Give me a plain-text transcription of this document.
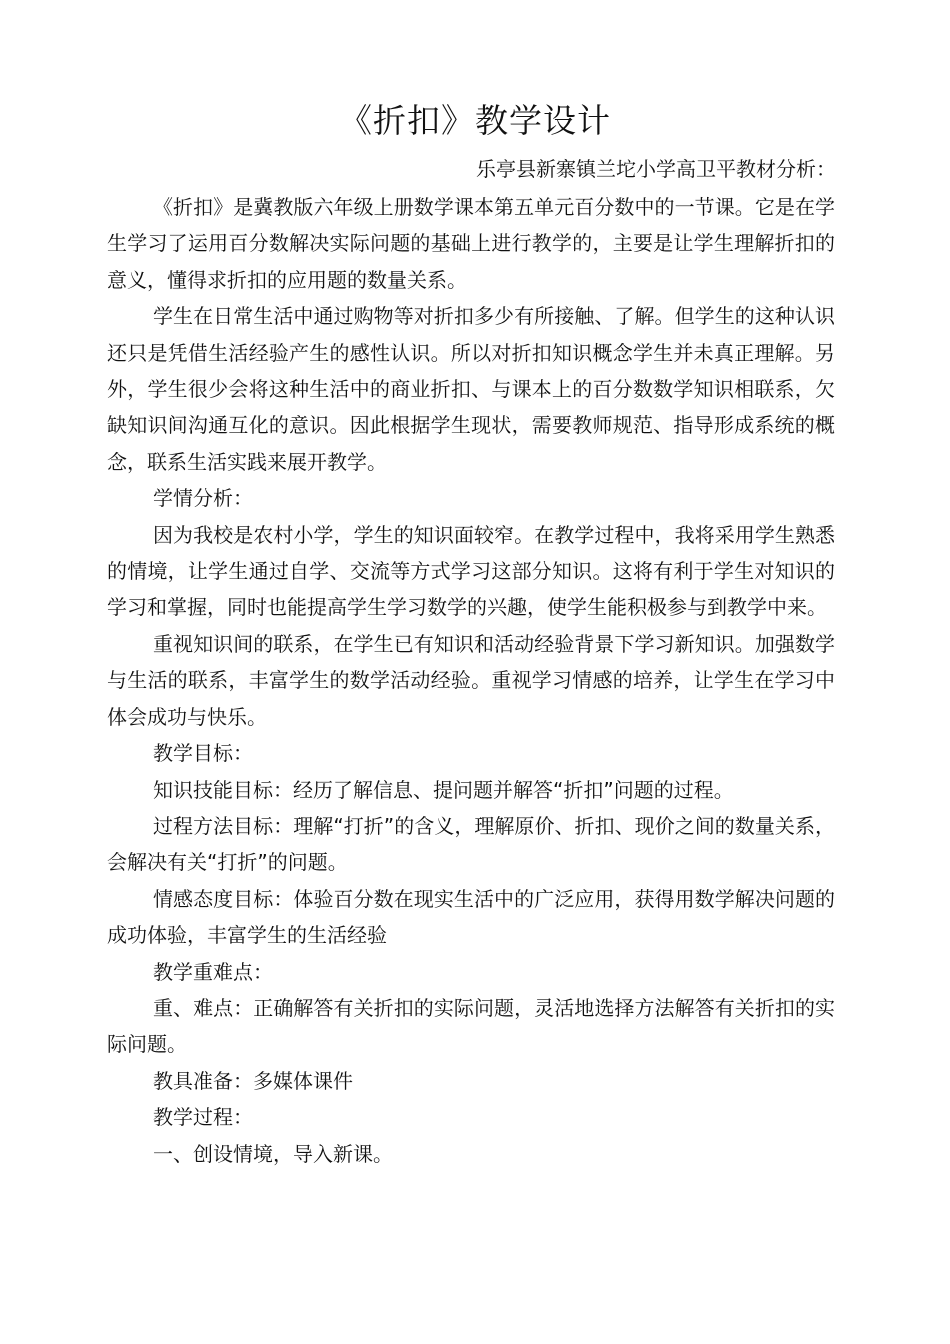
《折扣》教学设计
乐亭县新寨镇兰坨小学高卫平教材分析：

《折扣》是冀教版六年级上册数学课本第五单元百分数中的一节课。它是在学生学习了运用百分数解决实际问题的基础上进行教学的，主要是让学生理解折扣的意义，懂得求折扣的应用题的数量关系。

学生在日常生活中通过购物等对折扣多少有所接触、了解。但学生的这种认识还只是凭借生活经验产生的感性认识。所以对折扣知识概念学生并未真正理解。另外，学生很少会将这种生活中的商业折扣、与课本上的百分数数学知识相联系，欠缺知识间沟通互化的意识。因此根据学生现状，需要教师规范、指导形成系统的概念，联系生活实践来展开教学。

学情分析：

因为我校是农村小学，学生的知识面较窄。在教学过程中，我将采用学生熟悉的情境，让学生通过自学、交流等方式学习这部分知识。这将有利于学生对知识的学习和掌握，同时也能提高学生学习数学的兴趣，使学生能积极参与到教学中来。

重视知识间的联系，在学生已有知识和活动经验背景下学习新知识。加强数学与生活的联系，丰富学生的数学活动经验。重视学习情感的培养，让学生在学习中体会成功与快乐。

教学目标：

知识技能目标：经历了解信息、提问题并解答“折扣”问题的过程。

过程方法目标：理解“打折”的含义，理解原价、折扣、现价之间的数量关系，会解决有关“打折”的问题。

情感态度目标：体验百分数在现实生活中的广泛应用，获得用数学解决问题的成功体验，丰富学生的生活经验

教学重难点：

重、难点：正确解答有关折扣的实际问题，灵活地选择方法解答有关折扣的实际问题。

教具准备：多媒体课件

教学过程：

一、创设情境，导入新课。
